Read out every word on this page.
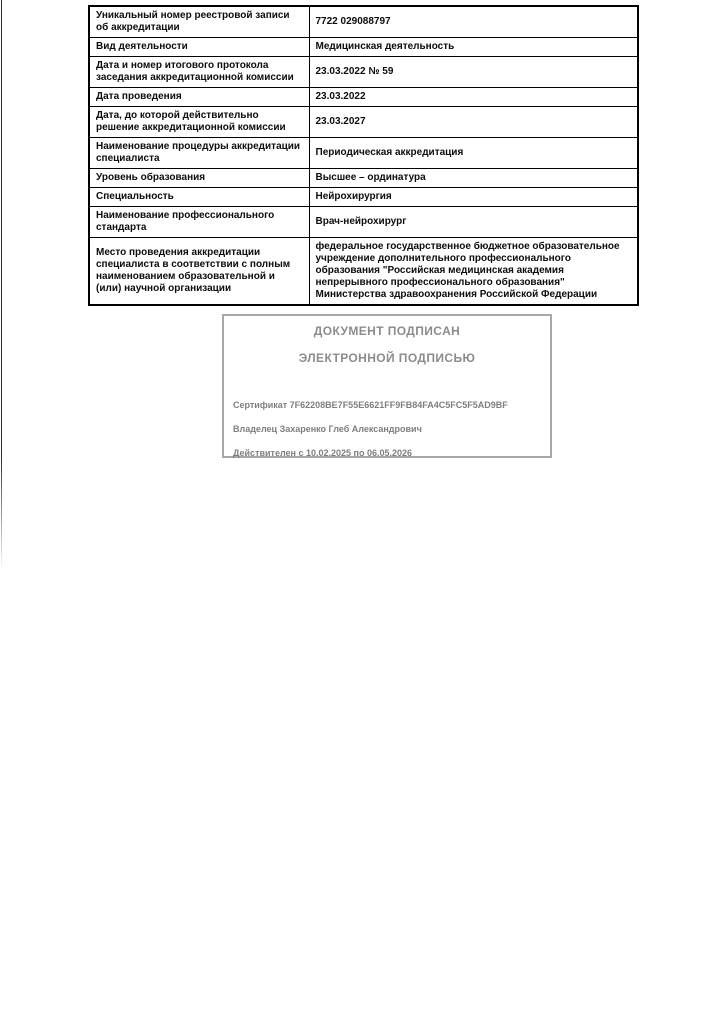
Уникальный номер реестровой записи об аккредитации	7722 029088797
Вид деятельности	Медицинская деятельность
Дата и номер итогового протокола заседания аккредитационной комиссии	23.03.2022 № 59
Дата проведения	23.03.2022
Дата, до которой действительно решение аккредитационной комиссии	23.03.2027
Наименование процедуры аккредитации специалиста	Периодическая аккредитация
Уровень образования	Высшее – ординатура
Специальность	Нейрохирургия
Наименование профессионального стандарта	Врач-нейрохирург
Место проведения аккредитации специалиста в соответствии с полным наименованием образовательной и (или) научной организации	федеральное государственное бюджетное образовательное учреждение дополнительного профессионального образования "Российская медицинская академия непрерывного профессионального образования" Министерства здравоохранения Российской Федерации
ДОКУМЕНТ ПОДПИСАН
ЭЛЕКТРОННОЙ ПОДПИСЬЮ
Сертификат 7F62208BE7F55E6621FF9FB84FA4C5FC5F5AD9BF
Владелец Захаренко Глеб Александрович
Действителен с 10.02.2025 по 06.05.2026
